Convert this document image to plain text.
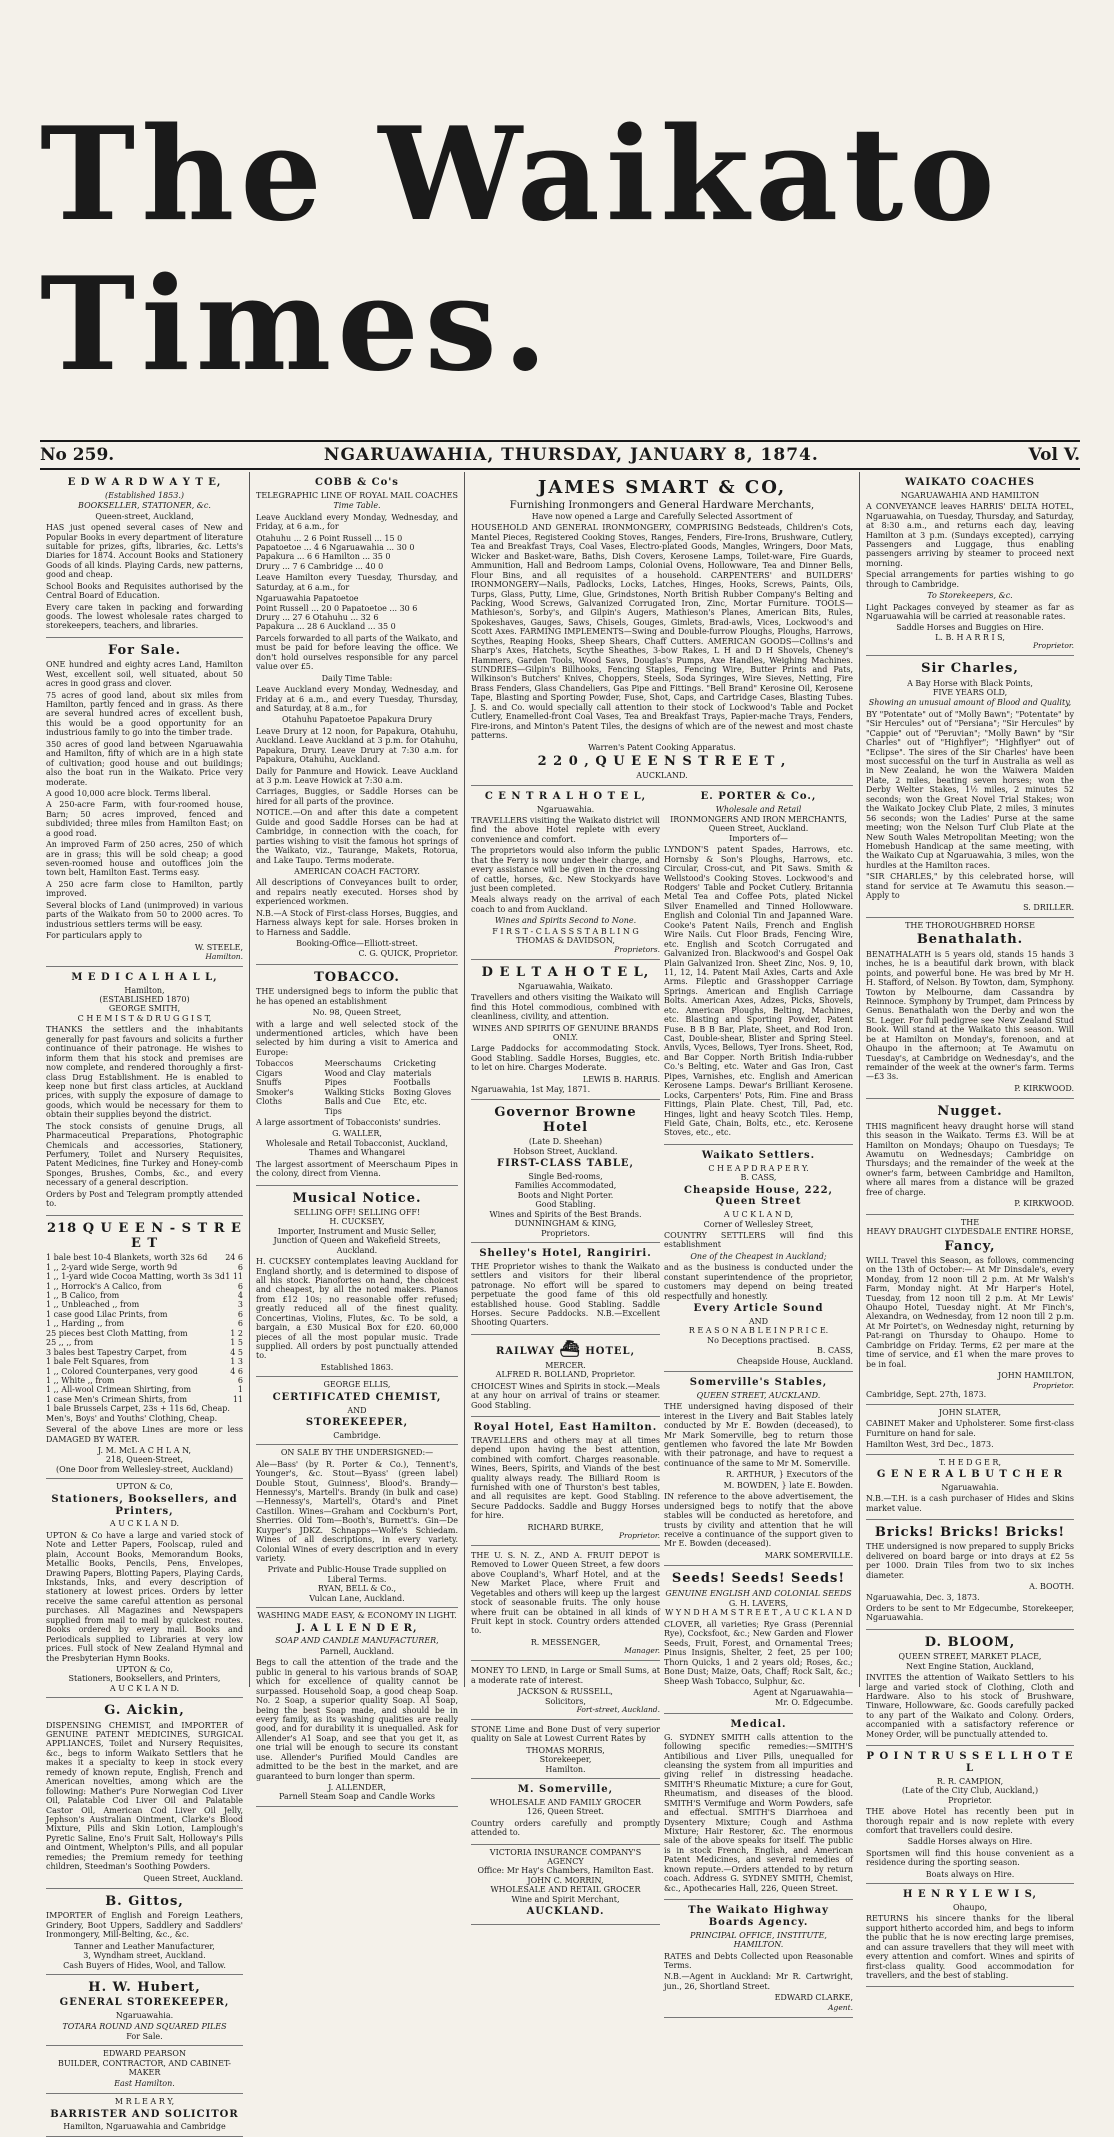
The Waikato Times.
No 259.	NGARUAWAHIA, THURSDAY, JANUARY 8, 1874.	Vol V.
E D W A R D W A Y T E,
(Established 1853.)
BOOKSELLER, STATIONER, &c.
Queen-street, Auckland,

HAS just opened several cases of New and Popular Books in every department of literature suitable for prizes, gifts, libraries, &c. Letts's Diaries for 1874. Account Books and Stationery Goods of all kinds. Playing Cards, new patterns, good and cheap.

School Books and Requisites authorised by the Central Board of Education.

Every care taken in packing and forwarding goods. The lowest wholesale rates charged to storekeepers, teachers, and libraries.

For Sale.

ONE hundred and eighty acres Land, Hamilton West, excellent soil, well situated, about 50 acres in good grass and clover.

75 acres of good land, about six miles from Hamilton, partly fenced and in grass. As there are several hundred acres of excellent bush, this would be a good opportunity for an industrious family to go into the timber trade.

350 acres of good land between Ngaruawahia and Hamilton, fifty of which are in a high state of cultivation; good house and out buildings; also the boat run in the Waikato. Price very moderate.

A good 10,000 acre block. Terms liberal.

A 250-acre Farm, with four-roomed house, Barn; 50 acres improved, fenced and subdivided; three miles from Hamilton East; on a good road.

An improved Farm of 250 acres, 250 of which are in grass; this will be sold cheap; a good seven-roomed house and outoffices join the town belt, Hamilton East. Terms easy.

A 250 acre farm close to Hamilton, partly improved.

Several blocks of Land (unimproved) in various parts of the Waikato from 50 to 2000 acres. To industrious settlers terms will be easy.

For particulars apply to

W. STEELE,
Hamilton.
M E D I C A L H A L L,
Hamilton,
(ESTABLISHED 1870)
GEORGE SMITH,
C H E M I S T & D R U G G I S T,

THANKS the settlers and the inhabitants generally for past favours and solicits a further continuance of their patronage. He wishes to inform them that his stock and premises are now complete, and rendered thoroughly a first-class Drug Establishment. He is enabled to keep none but first class articles, at Auckland prices, with supply the exposure of damage to goods, which would be necessary for them to obtain their supplies beyond the district.

The stock consists of genuine Drugs, all Pharmaceutical Preparations, Photographic Chemicals and accessories, Stationery, Perfumery, Toilet and Nursery Requisites, Patent Medicines, fine Turkey and Honey-comb Sponges, Brushes, Combs, &c., and every necessary of a general description.

Orders by Post and Telegram promptly attended to.

218 Q U E E N - S T R E E T
1 bale best 10-4 Blankets, worth 32s 6d 24 6
1 ,, 2-yard wide Serge, worth 9d	6
1 ,, 1-yard wide Cocoa Matting, worth 3s 3d 1 11
1 ,, Horrock's A Calico, from	6
1 ,, B Calico, from	4
1 ,, Unbleached ,, from	3
1 case good Lilac Prints, from	6
1 ,, Harding ,, from	6
25 pieces best Cloth Matting, from	1 2
25 ,, ,, from	1 5
3 bales best Tapestry Carpet, from	4 5
1 bale Felt Squares, from	1 3
1 ,, Colored Counterpanes, very good	4 6
1 ,, White ,, from	6
1 ,, All-wool Crimean Shirting, from	1
1 case Men's Crimean Shirts, from	11
1 bale Brussels Carpet, 23s + 11s 6d, Cheap.
Men's, Boys' and Youths' Clothing, Cheap.

Several of the above Lines are more or less DAMAGED BY WATER.

J. M. McL A C H L A N,
218, Queen-Street,
(One Door from Wellesley-street, Auckland)
UPTON & Co,
Stationers, Booksellers, and Printers,
A U C K L A N D.

UPTON & Co have a large and varied stock of Note and Letter Papers, Foolscap, ruled and plain, Account Books, Memorandum Books, Metallic Books, Pencils, Pens, Envelopes, Drawing Papers, Blotting Papers, Playing Cards, Inkstands, Inks, and every description of stationery at lowest prices. Orders by letter receive the same careful attention as personal purchases. All Magazines and Newspapers supplied from mail to mail by quickest routes. Books ordered by every mail. Books and Periodicals supplied to Libraries at very low prices. Full stock of New Zealand Hymnal and the Presbyterian Hymn Books.

UPTON & Co,
Stationers, Booksellers, and Printers,
A U C K L A N D.
G. Aickin,

DISPENSING CHEMIST, and IMPORTER of GENUINE PATENT MEDICINES, SURGICAL APPLIANCES, Toilet and Nursery Requisites, &c., begs to inform Waikato Settlers that he makes it a specialty to keep in stock every remedy of known repute, English, French and American novelties, among which are the following: Mather's Pure Norwegian Cod Liver Oil, Palatable Cod Liver Oil and Palatable Castor Oil, American Cod Liver Oil Jelly, Jephson's Australian Ointment, Clarke's Blood Mixture, Pills and Skin Lotion, Lamplough's Pyretic Saline, Eno's Fruit Salt, Holloway's Pills and Ointment, Whelpton's Pills, and all popular remedies; the Premium remedy for teething children, Steedman's Soothing Powders.

Queen Street, Auckland.
B. Gittos,

IMPORTER of English and Foreign Leathers, Grindery, Boot Uppers, Saddlery and Saddlers' Ironmongery, Mill-Belting, &c., &c.

Tanner and Leather Manufacturer,
3, Wyndham street, Auckland.
Cash Buyers of Hides, Wool, and Tallow.
H. W. Hubert,
GENERAL STOREKEEPER,
Ngaruawahia.
TOTARA ROUND AND SQUARED PILES
For Sale.
EDWARD PEARSON
BUILDER, CONTRACTOR, AND CABINET-MAKER
East Hamilton.
M R L E A R Y,
BARRISTER AND SOLICITOR
Hamilton, Ngaruawahia and Cambridge
COBB & Co's
TELEGRAPHIC LINE OF ROYAL MAIL COACHES
Time Table.

Leave Auckland every Monday, Wednesday, and Friday, at 6 a.m., for

Otahuhu ... 2 6 Point Russell ... 15 0
Papatoetoe ... 4 6 Ngaruawahia ... 30 0
Papakura ... 6 6 Hamilton ... 35 0
Drury ... 7 6 Cambridge ... 40 0

Leave Hamilton every Tuesday, Thursday, and Saturday, at 6 a.m., for

Ngaruawahia Papatoetoe
Point Russell ... 20 0 Papatoetoe ... 30 6
Drury ... 27 6 Otahuhu ... 32 6
Papakura ... 28 6 Auckland ... 35 0

Parcels forwarded to all parts of the Waikato, and must be paid for before leaving the office. We don't hold ourselves responsible for any parcel value over £5.

Daily Time Table:

Leave Auckland every Monday, Wednesday, and Friday at 6 a.m., and every Tuesday, Thursday, and Saturday, at 8 a.m., for

Otahuhu Papatoetoe Papakura Drury

Leave Drury at 12 noon, for Papakura, Otahuhu, Auckland. Leave Auckland at 3 p.m. for Otahuhu, Papakura, Drury. Leave Drury at 7:30 a.m. for Papakura, Otahuhu, Auckland.

Daily for Panmure and Howick. Leave Auckland at 3 p.m. Leave Howick at 7:30 a.m.

Carriages, Buggies, or Saddle Horses can be hired for all parts of the province.

NOTICE.—On and after this date a competent Guide and good Saddle Horses can be had at Cambridge, in connection with the coach, for parties wishing to visit the famous hot springs of the Waikato, viz., Taurange, Makets, Rotorua, and Lake Taupo. Terms moderate.

AMERICAN COACH FACTORY.

All descriptions of Conveyances built to order, and repairs neatly executed. Horses shod by experienced workmen.

N.B.—A Stock of First-class Horses, Buggies, and Harness always kept for sale. Horses broken in to Harness and Saddle.

Booking-Office—Elliott-street.
C. G. QUICK, Proprietor.
TOBACCO.

THE undersigned begs to inform the public that he has opened an establishment

No. 98, Queen Street,

with a large and well selected stock of the undermentioned articles, which have been selected by him during a visit to America and Europe:

Tobaccos
Cigars
Snuffs
Smoker's Cloths
Meerschaums
Wood and Clay Pipes
Walking Sticks
Balls and Cue Tips
Cricketing materials
Footballs
Boxing Gloves
Etc, etc.

A large assortment of Tobacconists' sundries.

G. WALLER,
Wholesale and Retail Tobacconist, Auckland,
Thames and Whangarei

The largest assortment of Meerschaum Pipes in the colony, direct from Vienna.

Musical Notice.
SELLING OFF! SELLING OFF!
H. CUCKSEY,
Importer, Instrument and Music Seller,
Junction of Queen and Wakefield Streets, Auckland.

H. CUCKSEY contemplates leaving Auckland for England shortly, and is determined to dispose of all his stock. Pianofortes on hand, the choicest and cheapest, by all the noted makers. Pianos from £12 10s; no reasonable offer refused; greatly reduced all of the finest quality. Concertinas, Violins, Flutes, &c. To be sold, a bargain, a £30 Musical Box for £20. 60,000 pieces of all the most popular music. Trade supplied. All orders by post punctually attended to.

Established 1863.
GEORGE ELLIS,
CERTIFICATED CHEMIST,
AND
STOREKEEPER,
Cambridge.
ON SALE BY THE UNDERSIGNED:—

Ale—Bass' (by R. Porter & Co.), Tennent's, Younger's, &c. Stout—Byass' (green label) Double Stout, Guinness', Blood's. Brandy—Hennessy's, Martell's. Brandy (in bulk and case)—Hennessy's, Martell's, Otard's and Pinet Castillon. Wines—Graham and Cockburn's Port, Sherries. Old Tom—Booth's, Burnett's. Gin—De Kuyper's JDKZ. Schnapps—Wolfe's Schiedam. Wines of all descriptions, in every variety. Colonial Wines of every description and in every variety.

Private and Public-House Trade supplied on Liberal Terms.
RYAN, BELL & Co.,
Vulcan Lane, Auckland.
WASHING MADE EASY, & ECONOMY IN LIGHT.
J. A L L E N D E R,
SOAP AND CANDLE MANUFACTURER,
Parnell, Auckland.

Begs to call the attention of the trade and the public in general to his various brands of SOAP, which for excellence of quality cannot be surpassed. Household Soap, a good cheap Soap. No. 2 Soap, a superior quality Soap. A1 Soap, being the best Soap made, and should be in every family, as its washing qualities are really good, and for durability it is unequalled. Ask for Allender's A1 Soap, and see that you get it, as one trial will be enough to secure its constant use. Allender's Purified Mould Candles are admitted to be the best in the market, and are guaranteed to burn longer than sperm.

J. ALLENDER,
Parnell Steam Soap and Candle Works
JAMES SMART & CO,
Furnishing Ironmongers and General Hardware Merchants,
Have now opened a Large and Carefully Selected Assortment of

HOUSEHOLD AND GENERAL IRONMONGERY, COMPRISING Bedsteads, Children's Cots, Mantel Pieces, Registered Cooking Stoves, Ranges, Fenders, Fire-Irons, Brushware, Cutlery, Tea and Breakfast Trays, Coal Vases, Electro-plated Goods, Mangles, Wringers, Door Mats, Wicker and Basket-ware, Baths, Dish Covers, Kerosene Lamps, Toilet-ware, Fire Guards, Ammunition, Hall and Bedroom Lamps, Colonial Ovens, Hollowware, Tea and Dinner Bells, Flour Bins, and all requisites of a household. CARPENTERS' and BUILDERS' IRONMONGERY—Nails, Padlocks, Locks, Latches, Hinges, Hooks, Screws, Paints, Oils, Turps, Glass, Putty, Lime, Glue, Grindstones, North British Rubber Company's Belting and Packing, Wood Screws, Galvanized Corrugated Iron, Zinc, Mortar Furniture. TOOLS—Mathieson's, Sorby's, and Gilpin's Augers, Mathieson's Planes, American Bits, Rules, Spokeshaves, Gauges, Saws, Chisels, Gouges, Gimlets, Brad-awls, Vices, Lockwood's and Scott Axes. FARMING IMPLEMENTS—Swing and Double-furrow Ploughs, Ploughs, Harrows, Scythes, Reaping Hooks, Sheep Shears, Chaff Cutters. AMERICAN GOODS—Collins's and Sharp's Axes, Hatchets, Scythe Sheathes, 3-bow Rakes, L H and D H Shovels, Cheney's Hammers, Garden Tools, Wood Saws, Douglas's Pumps, Axe Handles, Weighing Machines. SUNDRIES—Gilpin's Billhooks, Fencing Staples, Fencing Wire, Butter Prints and Pats, Wilkinson's Butchers' Knives, Choppers, Steels, Soda Syringes, Wire Sieves, Netting, Fire Brass Fenders, Glass Chandeliers, Gas Pipe and Fittings. "Bell Brand" Kerosine Oil, Kerosene Tape, Blasting and Sporting Powder, Fuse, Shot, Caps, and Cartridge Cases, Blasting Tubes. J. S. and Co. would specially call attention to their stock of Lockwood's Table and Pocket Cutlery, Enamelled-front Coal Vases, Tea and Breakfast Trays, Papier-mache Trays, Fenders, Fire-irons, and Minton's Patent Tiles, the designs of which are of the newest and most chaste patterns.

Warren's Patent Cooking Apparatus.
2 2 0 , Q U E E N S T R E E T ,
AUCKLAND.
C E N T R A L H O T E L,
Ngaruawahia.

TRAVELLERS visiting the Waikato district will find the above Hotel replete with every convenience and comfort.

The proprietors would also inform the public that the Ferry is now under their charge, and every assistance will be given in the crossing of cattle, horses, &c. New Stockyards have just been completed.

Meals always ready on the arrival of each coach to and from Auckland.

Wines and Spirits Second to None.
F I R S T - C L A S S S T A B L I N G
THOMAS & DAVIDSON,
Proprietors.
D E L T A H O T E L,
Ngaruawahia, Waikato.

Travellers and others visiting the Waikato will find this Hotel commodious, combined with cleanliness, civility, and attention.

WINES AND SPIRITS OF GENUINE BRANDS ONLY.

Large Paddocks for accommodating Stock. Good Stabling. Saddle Horses, Buggies, etc. to let on hire. Charges Moderate.

LEWIS B. HARRIS.
Ngaruawahia, 1st May, 1871.
Governor Browne Hotel
(Late D. Sheehan)
Hobson Street, Auckland.
FIRST-CLASS TABLE,
Single Bed-rooms,
Families Accommodated,
Boots and Night Porter.
Good Stabling.
Wines and Spirits of the Best Brands.
DUNNINGHAM & KING,
Proprietors.
Shelley's Hotel, Rangiriri.

THE Proprietor wishes to thank the Waikato settlers and visitors for their liberal patronage. No effort will be spared to perpetuate the good fame of this old established house. Good Stabling. Saddle Horses. Secure Paddocks. N.B.—Excellent Shooting Quarters.

RAILWAY ⛴ HOTEL,
MERCER.
ALFRED R. BOLLAND, Proprietor.

CHOICEST Wines and Spirits in stock.—Meals at any hour on arrival of trains or steamer. Good Stabling.

Royal Hotel, East Hamilton.

TRAVELLERS and others may at all times depend upon having the best attention, combined with comfort. Charges reasonable. Wines, Beers, Spirits, and Viands of the best quality always ready. The Billiard Room is furnished with one of Thurston's best tables, and all requisites are kept. Good Stabling. Secure Paddocks. Saddle and Buggy Horses for hire.

RICHARD BURKE,
Proprietor.

THE U. S. N. Z., AND A. FRUIT DEPOT is Removed to Lower Queen Street, a few doors above Coupland's, Wharf Hotel, and at the New Market Place, where Fruit and Vegetables and others will keep up the largest stock of seasonable fruits. The only house where fruit can be obtained in all kinds of Fruit kept in stock. Country orders attended to.

R. MESSENGER,
Manager.

MONEY TO LEND, in Large or Small Sums, at a moderate rate of interest.

JACKSON & RUSSELL,
Solicitors,
Fort-street, Auckland.

STONE Lime and Bone Dust of very superior quality on Sale at Lowest Current Rates by

THOMAS MORRIS,
Storekeeper,
Hamilton.
M. Somerville,
WHOLESALE AND FAMILY GROCER
126, Queen Street.

Country orders carefully and promptly attended to.

VICTORIA INSURANCE COMPANY'S AGENCY
Office: Mr Hay's Chambers, Hamilton East.
JOHN C. MORRIN,
WHOLESALE AND RETAIL GROCER
Wine and Spirit Merchant,
AUCKLAND.
E. PORTER & Co.,
Wholesale and Retail
IRONMONGERS AND IRON MERCHANTS,
Queen Street, Auckland.
Importers of—

LYNDON'S patent Spades, Harrows, etc. Hornsby & Son's Ploughs, Harrows, etc. Circular, Cross-cut, and Pit Saws. Smith & Wellstood's Cooking Stoves. Lockwood's and Rodgers' Table and Pocket Cutlery. Britannia Metal Tea and Coffee Pots, plated Nickel Silver Enamelled and Tinned Hollowware. English and Colonial Tin and Japanned Ware. Cooke's Patent Nails, French and English Wire Nails. Cut Floor Brads, Fencing Wire, etc. English and Scotch Corrugated and Galvanized Iron. Blackwood's and Gospel Oak Plain Galvanized Iron. Sheet Zinc, Nos. 9, 10, 11, 12, 14. Patent Mail Axles, Carts and Axle Arms. Fileptic and Grasshopper Carriage Springs. American and English Carriage Bolts. American Axes, Adzes, Picks, Shovels, etc. American Ploughs, Belting, Machines, etc. Blasting and Sporting Powder, Patent Fuse. B B B Bar, Plate, Sheet, and Rod Iron. Cast, Double-shear, Blister and Spring Steel. Anvils, Vyces, Bellows, Tyer Irons. Sheet, Rod, and Bar Copper. North British India-rubber Co.'s Belting, etc. Water and Gas Iron, Cast Pipes, Varnishes, etc. English and American Kerosene Lamps. Dewar's Brilliant Kerosene. Locks, Carpenters' Pots, Rim. Fine and Brass Fittings, Plain Plate. Chest, Till, Pad, etc. Hinges, light and heavy Scotch Tiles. Hemp, Field Gate, Chain, Bolts, etc., etc. Kerosene Stoves, etc., etc.

Waikato Settlers.
C H E A P D R A P E R Y.
B. CASS,
Cheapside House, 222, Queen Street
A U C K L A N D,
Corner of Wellesley Street,

COUNTRY SETTLERS will find this establishment

One of the Cheapest in Auckland;

and as the business is conducted under the constant superintendence of the proprietor, customers may depend on being treated respectfully and honestly.

Every Article Sound
AND
R E A S O N A B L E I N P R I C E.
No Deceptions practised.
B. CASS,
Cheapside House, Auckland.
Somerville's Stables,
QUEEN STREET, AUCKLAND.

THE undersigned having disposed of their interest in the Livery and Bait Stables lately conducted by Mr E. Bowden (deceased), to Mr Mark Somerville, beg to return those gentlemen who favored the late Mr Bowden with their patronage, and have to request a continuance of the same to Mr M. Somerville.

R. ARTHUR, } Executors of the
M. BOWDEN, } late E. Bowden.

IN reference to the above advertisement, the undersigned begs to notify that the above stables will be conducted as heretofore, and trusts by civility and attention that he will receive a continuance of the support given to Mr E. Bowden (deceased).

MARK SOMERVILLE.
Seeds! Seeds! Seeds!
GENUINE ENGLISH AND COLONIAL SEEDS
G. H. LAVERS,
W Y N D H A M S T R E E T , A U C K L A N D

CLOVER, all varieties; Rye Grass (Perennial Rye), Cocksfoot, &c.; New Garden and Flower Seeds, Fruit, Forest, and Ornamental Trees; Pinus Insignis, Shelter, 2 feet, 25 per 100; Thorn Quicks, 1 and 2 years old; Roses, &c.; Bone Dust; Maize, Oats, Chaff; Rock Salt, &c.; Sheep Wash Tobacco, Sulphur, &c.

Agent at Ngaruawahia—
Mr. O. Edgecumbe.
Medical.

G. SYDNEY SMITH calls attention to the following specific remedies:—SMITH'S Antibilious and Liver Pills, unequalled for cleansing the system from all impurities and giving relief in distressing headache. SMITH'S Rheumatic Mixture; a cure for Gout, Rheumatism, and diseases of the blood. SMITH'S Vermifuge and Worm Powders, safe and effectual. SMITH'S Diarrhoea and Dysentery Mixture; Cough and Asthma Mixture; Hair Restorer, &c. The enormous sale of the above speaks for itself. The public is in stock French, English, and American Patent Medicines, and several remedies of known repute.—Orders attended to by return coach. Address G. SYDNEY SMITH, Chemist, &c., Apothecaries Hall, 226, Queen Street.

The Waikato Highway Boards Agency.
PRINCIPAL OFFICE, INSTITUTE, HAMILTON.

RATES and Debts Collected upon Reasonable Terms.

N.B.—Agent in Auckland: Mr R. Cartwright, jun., 26, Shortland Street.

EDWARD CLARKE,
Agent.
WAIKATO COACHES
NGARUAWAHIA AND HAMILTON

A CONVEYANCE leaves HARRIS' DELTA HOTEL, Ngaruawahia, on Tuesday, Thursday, and Saturday, at 8:30 a.m., and returns each day, leaving Hamilton at 3 p.m. (Sundays excepted), carrying Passengers and Luggage, thus enabling passengers arriving by steamer to proceed next morning.

Special arrangements for parties wishing to go through to Cambridge.

To Storekeepers, &c.

Light Packages conveyed by steamer as far as Ngaruawahia will be carried at reasonable rates.

Saddle Horses and Buggies on Hire.
L. B. H A R R I S,
Proprietor.
Sir Charles,
A Bay Horse with Black Points,
FIVE YEARS OLD,
Showing an unusual amount of Blood and Quality,

BY "Potentate" out of "Molly Bawn"; "Potentate" by "Sir Hercules" out of "Persiana"; "Sir Hercules" by "Cappie" out of "Peruvian"; "Molly Bawn" by "Sir Charles" out of "Highflyer"; "Highflyer" out of "Eclipse". The sires of the Sir Charles' have been most successful on the turf in Australia as well as in New Zealand, he won the Waiwera Maiden Plate, 2 miles, beating seven horses; won the Derby Welter Stakes, 1½ miles, 2 minutes 52 seconds; won the Great Novel Trial Stakes; won the Waikato Jockey Club Plate, 2 miles, 3 minutes 56 seconds; won the Ladies' Purse at the same meeting; won the Nelson Turf Club Plate at the New South Wales Metropolitan Meeting; won the Homebush Handicap at the same meeting, with the Waikato Cup at Ngaruawahia, 3 miles, won the hurdles at the Hamilton races.

"SIR CHARLES," by this celebrated horse, will stand for service at Te Awamutu this season.—Apply to

S. DRILLER.
THE THOROUGHBRED HORSE
Benathalath.

BENATHALATH is 5 years old, stands 15 hands 3 inches, he is a beautiful dark brown, with black points, and powerful bone. He was bred by Mr H. H. Stafford, of Nelson. By Towton, dam, Symphony. Towton by Melbourne, dam Cassandra by Reinnoce. Symphony by Trumpet, dam Princess by Genus. Benathalath won the Derby and won the St. Leger. For full pedigree see New Zealand Stud Book. Will stand at the Waikato this season. Will be at Hamilton on Monday's, forenoon, and at Ohaupo in the afternoon; at Te Awamutu on Tuesday's, at Cambridge on Wednesday's, and the remainder of the week at the owner's farm. Terms—£3 3s.

P. KIRKWOOD.
Nugget.

THIS magnificent heavy draught horse will stand this season in the Waikato. Terms £3. Will be at Hamilton on Mondays; Ohaupo on Tuesdays; Te Awamutu on Wednesdays; Cambridge on Thursdays; and the remainder of the week at the owner's farm, between Cambridge and Hamilton, where all mares from a distance will be grazed free of charge.

P. KIRKWOOD.
THE
HEAVY DRAUGHT CLYDESDALE ENTIRE HORSE,
Fancy,

WILL Travel this Season, as follows, commencing on the 13th of October:— At Mr Dinsdale's, every Monday, from 12 noon till 2 p.m. At Mr Walsh's Farm, Monday night. At Mr Harper's Hotel, Tuesday, from 12 noon till 2 p.m. At Mr Lewis' Ohaupo Hotel, Tuesday night. At Mr Finch's, Alexandra, on Wednesday, from 12 noon till 2 p.m. At Mr Poirtet's, on Wednesday night, returning by Pat-rangi on Thursday to Ohaupo. Home to Cambridge on Friday. Terms, £2 per mare at the time of service, and £1 when the mare proves to be in foal.

JOHN HAMILTON,
Proprietor.
Cambridge, Sept. 27th, 1873.
JOHN SLATER,

CABINET Maker and Upholsterer. Some first-class Furniture on hand for sale.

Hamilton West, 3rd Dec., 1873.
T. H E D G E R,
G E N E R A L B U T C H E R
Ngaruawahia.

N.B.—T.H. is a cash purchaser of Hides and Skins market value.

Bricks! Bricks! Bricks!

THE undersigned is now prepared to supply Bricks delivered on board barge or into drays at £2 5s per 1000. Drain Tiles from two to six inches diameter.

A. BOOTH.
Ngaruawahia, Dec. 3, 1873.

Orders to be sent to Mr Edgecumbe, Storekeeper, Ngaruawahia.

D. BLOOM,
QUEEN STREET, MARKET PLACE,
Next Engine Station, Auckland,

INVITES the attention of Waikato Settlers to his large and varied stock of Clothing, Cloth and Hardware. Also to his stock of Brushware, Tinware, Hollowware, &c. Goods carefully packed to any part of the Waikato and Colony. Orders, accompanied with a satisfactory reference or Money Order, will be punctually attended to.

P O I N T R U S S E L L H O T E L
R. R. CAMPION,
(Late of the City Club, Auckland,)
Proprietor.

THE above Hotel has recently been put in thorough repair and is now replete with every comfort that travellers could desire.

Saddle Horses always on Hire.

Sportsmen will find this house convenient as a residence during the sporting season.

Boats always on Hire.
H E N R Y L E W I S,
Ohaupo,

RETURNS his sincere thanks for the liberal support hitherto accorded him, and begs to inform the public that he is now erecting large premises, and can assure travellers that they will meet with every attention and comfort. Wines and spirits of first-class quality. Good accommodation for travellers, and the best of stabling.
